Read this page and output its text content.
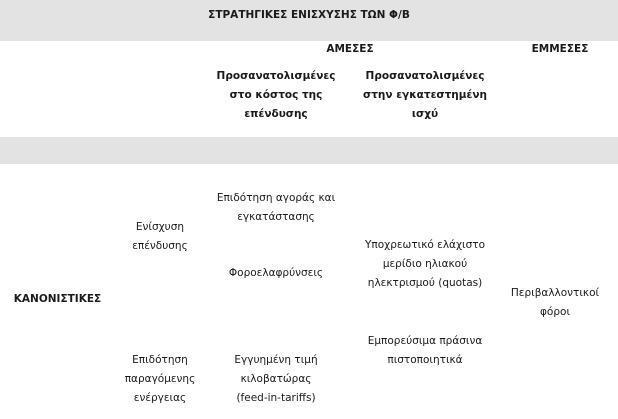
ΣΤΡΑΤΗΓΙΚΕΣ ΕΝΙΣΧΥΣΗΣ ΤΩΝ Φ/Β
ΑΜΕΣΕΣ	ΕΜΜΕΣΕΣ
Προσανατολισμένες
στο κόστος της
επένδυσης
Προσανατολισμένες
στην εγκατεστημένη
ισχύ
ΚΑΝΟΝΙΣΤΙΚΕΣ
Ενίσχυση
επένδυσης
Επιδότηση
παραγόμενης
ενέργειας
Επιδότηση αγοράς και
εγκατάστασης
Φοροελαφρύνσεις
Εγγυημένη τιμή
κιλοβατώρας
(feed-in-tariffs)
Υποχρεωτικό ελάχιστο
μερίδιο ηλιακού
ηλεκτρισμού (quotas)
Εμπορεύσιμα πράσινα
πιστοποιητικά
Περιβαλλοντικοί
φόροι
